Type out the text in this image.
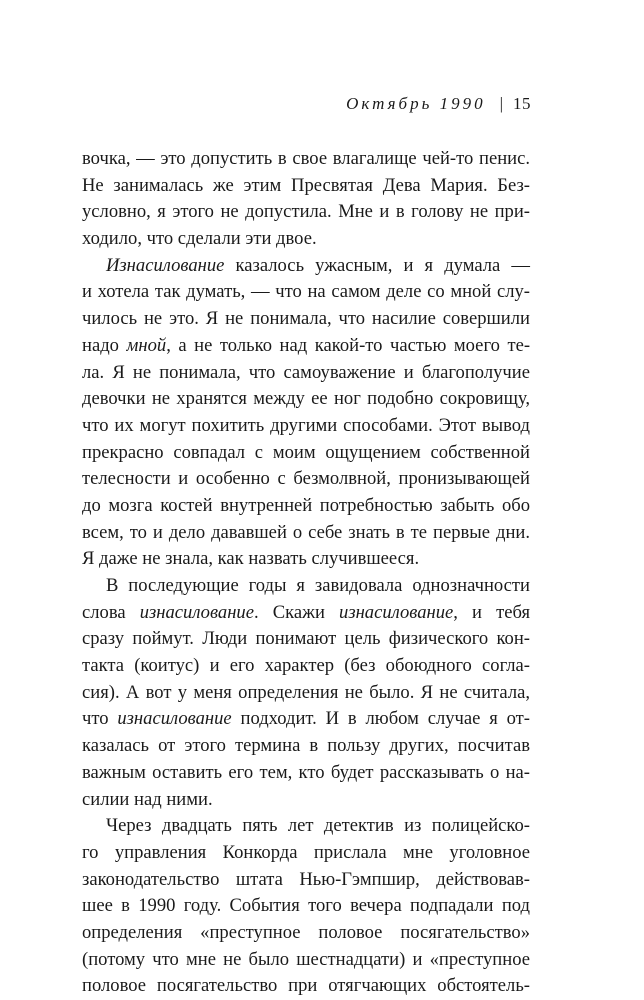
Октябрь 1990 | 15
вочка, — это допустить в свое влагалище чей-то пенис.
Не занималась же этим Пресвятая Дева Мария. Без-
условно, я этого не допустила. Мне и в голову не при-
ходило, что сделали эти двое.
Изнасилование казалось ужасным, и я думала —
и хотела так думать, — что на самом деле со мной слу-
чилось не это. Я не понимала, что насилие совершили
надо мной, а не только над какой-то частью моего те-
ла. Я не понимала, что самоуважение и благополучие
девочки не хранятся между ее ног подобно сокровищу,
что их могут похитить другими способами. Этот вывод
прекрасно совпадал с моим ощущением собственной
телесности и особенно с безмолвной, пронизывающей
до мозга костей внутренней потребностью забыть обо
всем, то и дело дававшей о себе знать в те первые дни.
Я даже не знала, как назвать случившееся.
В последующие годы я завидовала однозначности
слова изнасилование. Скажи изнасилование, и тебя
сразу поймут. Люди понимают цель физического кон-
такта (коитус) и его характер (без обоюдного согла-
сия). А вот у меня определения не было. Я не считала,
что изнасилование подходит. И в любом случае я от-
казалась от этого термина в пользу других, посчитав
важным оставить его тем, кто будет рассказывать о на-
силии над ними.
Через двадцать пять лет детектив из полицейско-
го управления Конкорда прислала мне уголовное
законодательство штата Нью-Гэмпшир, действовав-
шее в 1990 году. События того вечера подпадали под
определения «преступное половое посягательство»
(потому что мне не было шестнадцати) и «преступное
половое посягательство при отягчающих обстоятель-
